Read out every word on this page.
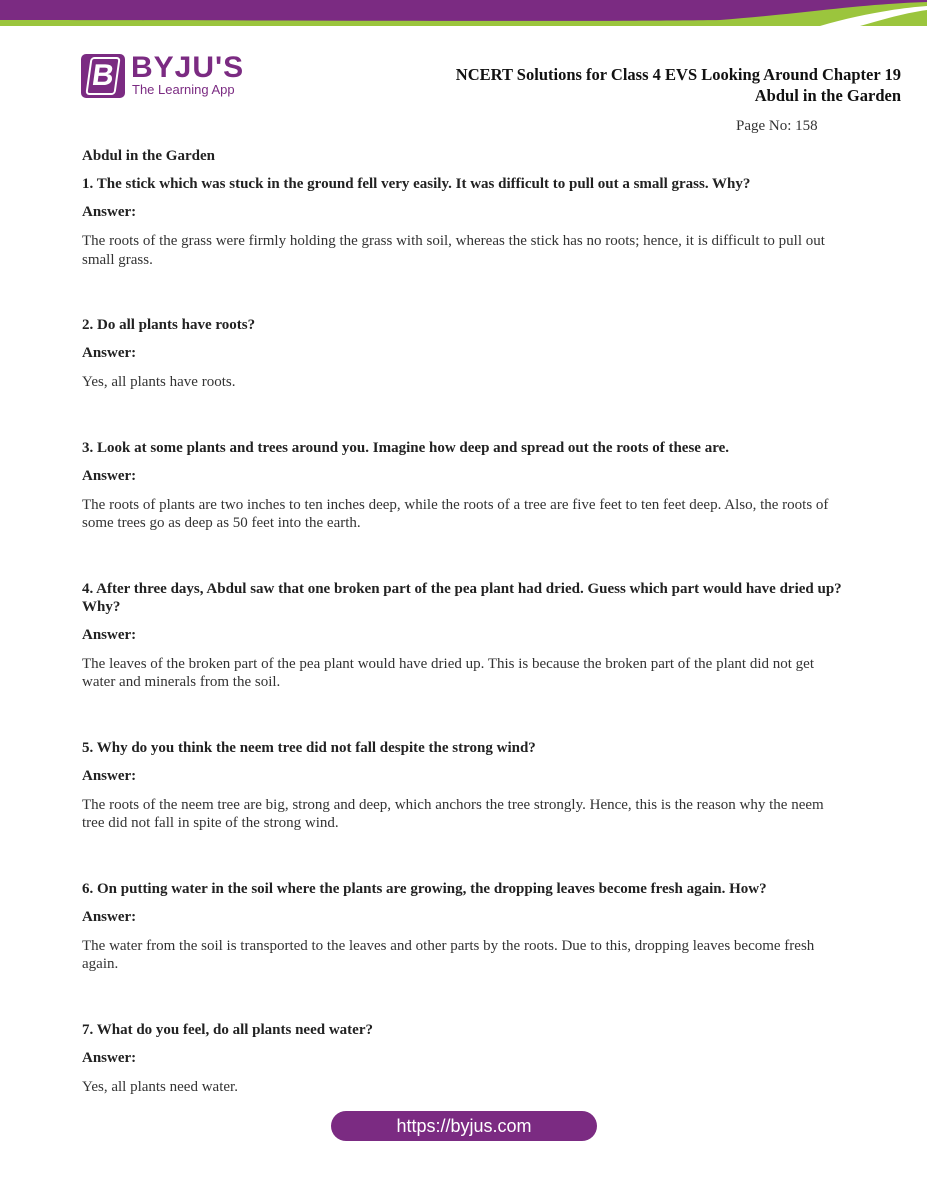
B BYJU'S
The Learning App
NCERT Solutions for Class 4 EVS Looking Around Chapter 19
Abdul in the Garden
Page No: 158
Abdul in the Garden
1. The stick which was stuck in the ground fell very easily. It was difficult to pull out a small grass. Why?
Answer:
The roots of the grass were firmly holding the grass with soil, whereas the stick has no roots; hence, it is difficult to pull out small grass.
2. Do all plants have roots?
Answer:
Yes, all plants have roots.
3. Look at some plants and trees around you. Imagine how deep and spread out the roots of these are.
Answer:
The roots of plants are two inches to ten inches deep, while the roots of a tree are five feet to ten feet deep. Also, the roots of some trees go as deep as 50 feet into the earth.
4. After three days, Abdul saw that one broken part of the pea plant had dried. Guess which part would have dried up? Why?
Answer:
The leaves of the broken part of the pea plant would have dried up. This is because the broken part of the plant did not get water and minerals from the soil.
5. Why do you think the neem tree did not fall despite the strong wind?
Answer:
The roots of the neem tree are big, strong and deep, which anchors the tree strongly. Hence, this is the reason why the neem tree did not fall in spite of the strong wind.
6. On putting water in the soil where the plants are growing, the dropping leaves become fresh again. How?
Answer:
The water from the soil is transported to the leaves and other parts by the roots. Due to this, dropping leaves become fresh again.
7. What do you feel, do all plants need water?
Answer:
Yes, all plants need water.
https://byjus.com
